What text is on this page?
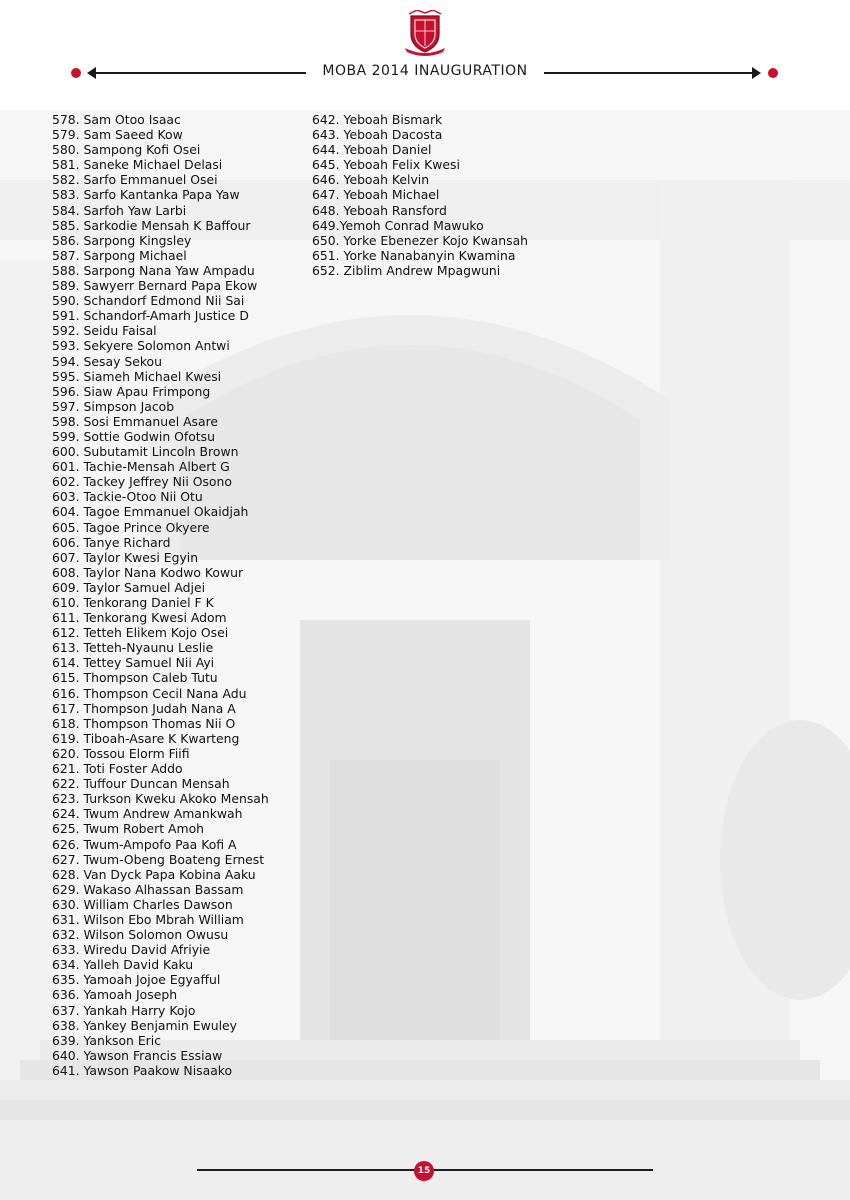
MOBA 2014 INAUGURATION
578. Sam Otoo Isaac
579. Sam Saeed Kow
580. Sampong Kofi Osei
581. Saneke Michael Delasi
582. Sarfo Emmanuel Osei
583. Sarfo Kantanka Papa Yaw
584. Sarfoh Yaw Larbi
585. Sarkodie Mensah K Baffour
586. Sarpong Kingsley
587. Sarpong Michael
588. Sarpong Nana Yaw Ampadu
589. Sawyerr Bernard Papa Ekow
590. Schandorf Edmond Nii Sai
591. Schandorf-Amarh Justice D
592. Seidu Faisal
593. Sekyere Solomon Antwi
594. Sesay Sekou
595. Siameh Michael Kwesi
596. Siaw Apau Frimpong
597. Simpson Jacob
598. Sosi Emmanuel Asare
599. Sottie Godwin Ofotsu
600. Subutamit Lincoln Brown
601. Tachie-Mensah Albert G
602. Tackey Jeffrey Nii Osono
603. Tackie-Otoo Nii Otu
604. Tagoe Emmanuel Okaidjah
605. Tagoe Prince Okyere
606. Tanye Richard
607. Taylor Kwesi Egyin
608. Taylor Nana Kodwo Kowur
609. Taylor Samuel Adjei
610. Tenkorang Daniel F K
611. Tenkorang Kwesi Adom
612. Tetteh Elikem Kojo Osei
613. Tetteh-Nyaunu Leslie
614. Tettey Samuel Nii Ayi
615. Thompson Caleb Tutu
616. Thompson Cecil Nana Adu
617. Thompson Judah Nana A
618. Thompson Thomas Nii O
619. Tiboah-Asare K Kwarteng
620. Tossou Elorm Fiifi
621. Toti Foster Addo
622. Tuffour Duncan Mensah
623. Turkson Kweku Akoko Mensah
624. Twum Andrew Amankwah
625. Twum Robert Amoh
626. Twum-Ampofo Paa Kofi A
627. Twum-Obeng Boateng Ernest
628. Van Dyck Papa Kobina Aaku
629. Wakaso Alhassan Bassam
630. William Charles Dawson
631. Wilson Ebo Mbrah William
632. Wilson Solomon Owusu
633. Wiredu David Afriyie
634. Yalleh David Kaku
635. Yamoah Jojoe Egyafful
636. Yamoah Joseph
637. Yankah Harry Kojo
638. Yankey Benjamin Ewuley
639. Yankson Eric
640. Yawson Francis Essiaw
641. Yawson Paakow Nisaako
642. Yeboah Bismark
643. Yeboah Dacosta
644. Yeboah Daniel
645. Yeboah Felix Kwesi
646. Yeboah Kelvin
647. Yeboah Michael
648. Yeboah Ransford
649.Yemoh Conrad Mawuko
650. Yorke Ebenezer Kojo Kwansah
651. Yorke Nanabanyin Kwamina
652. Ziblim Andrew Mpagwuni
15
